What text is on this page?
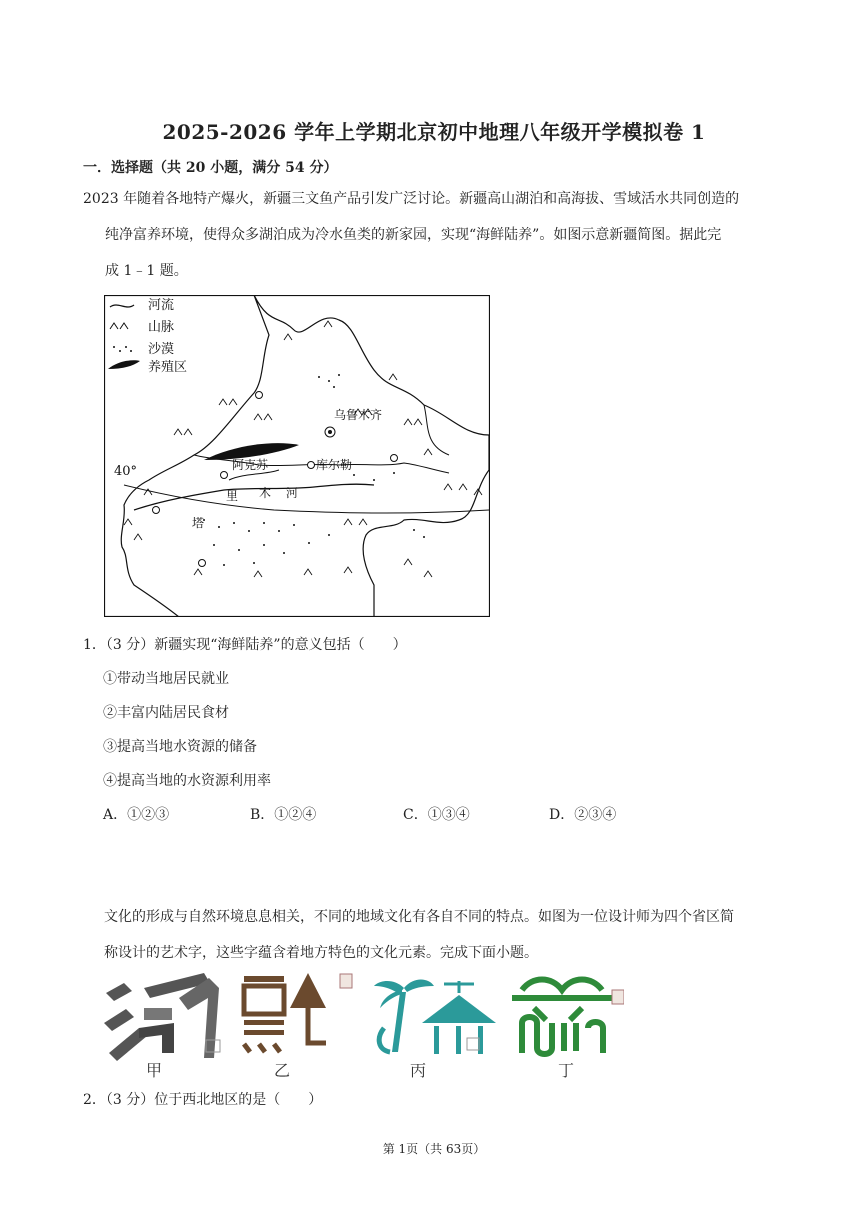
2025-2026 学年上学期北京初中地理八年级开学模拟卷 1
一．选择题（共 20 小题，满分 54 分）
2023 年随着各地特产爆火，新疆三文鱼产品引发广泛讨论。新疆高山湖泊和高海拔、雪域活水共同创造的
纯净富养环境，使得众多湖泊成为冷水鱼类的新家园，实现“海鲜陆养”。如图示意新疆简图。据此完
成 1﹣1 题。
河流
山脉
沙漠
养殖区
40°
乌鲁木齐
阿克苏	库尔勒
里 木 河
塔
1．（3 分）新疆实现“海鲜陆养”的意义包括（　　）
①带动当地居民就业
②丰富内陆居民食材
③提高当地水资源的储备
④提高当地的水资源利用率
A．①②③	B．①②④	C．①③④	D．②③④
文化的形成与自然环境息息相关，不同的地域文化有各自不同的特点。如图为一位设计师为四个省区简
称设计的艺术字，这些字蕴含着地方特色的文化元素。完成下面小题。
甲	乙	丙	丁
2．（3 分）位于西北地区的是（　　）
第 1页（共 63页）
